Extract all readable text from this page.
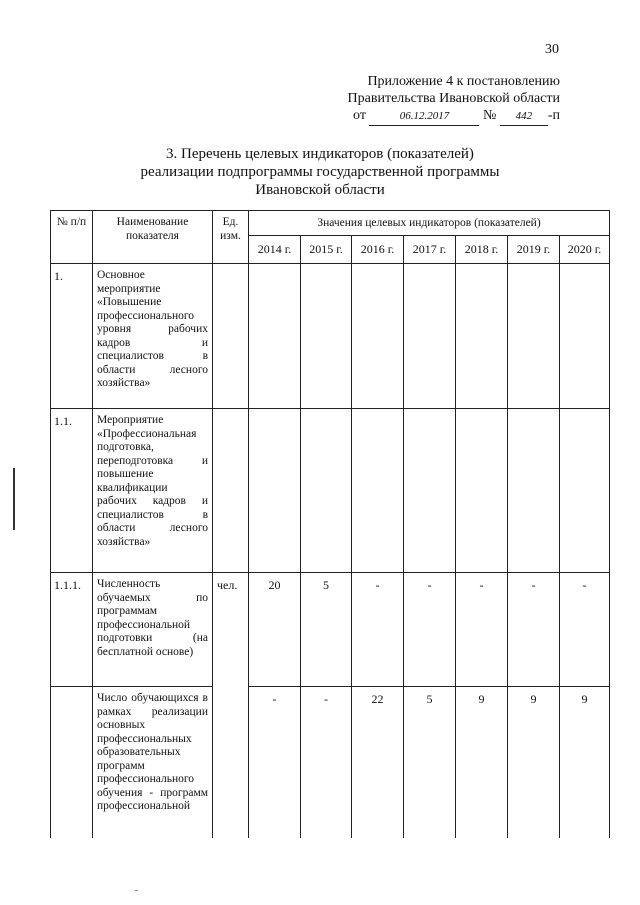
30
Приложение 4 к постановлению
Правительства Ивановской области
от	06.12.2017 № 442 -п
3. Перечень целевых индикаторов (показателей)
реализации подпрограммы государственной программы
Ивановской области
№ п/п	Наименование показателя	Ед. изм.	Значения целевых индикаторов (показателей)						
			2014 г.	2015 г.	2016 г.	2017 г.	2018 г.	2019 г.	2020 г.
1.	Основное мероприятие «Повышение профессионального уровня рабочих кадров и специалистов в области лесного хозяйства»								
1.1.	Мероприятие «Профессиональная подготовка, переподготовка и повышение квалификации рабочих кадров и специалистов в области лесного хозяйства»								
1.1.1.	Численность обучаемых по программам профессиональной подготовки (на бесплатной основе)	чел.	20	5	-	-	-	-	-
	Число обучающихся в рамках реализации основных профессиональных образовательных программ профессионального обучения - программ профессиональной		-	-	22	5	9	9	9
